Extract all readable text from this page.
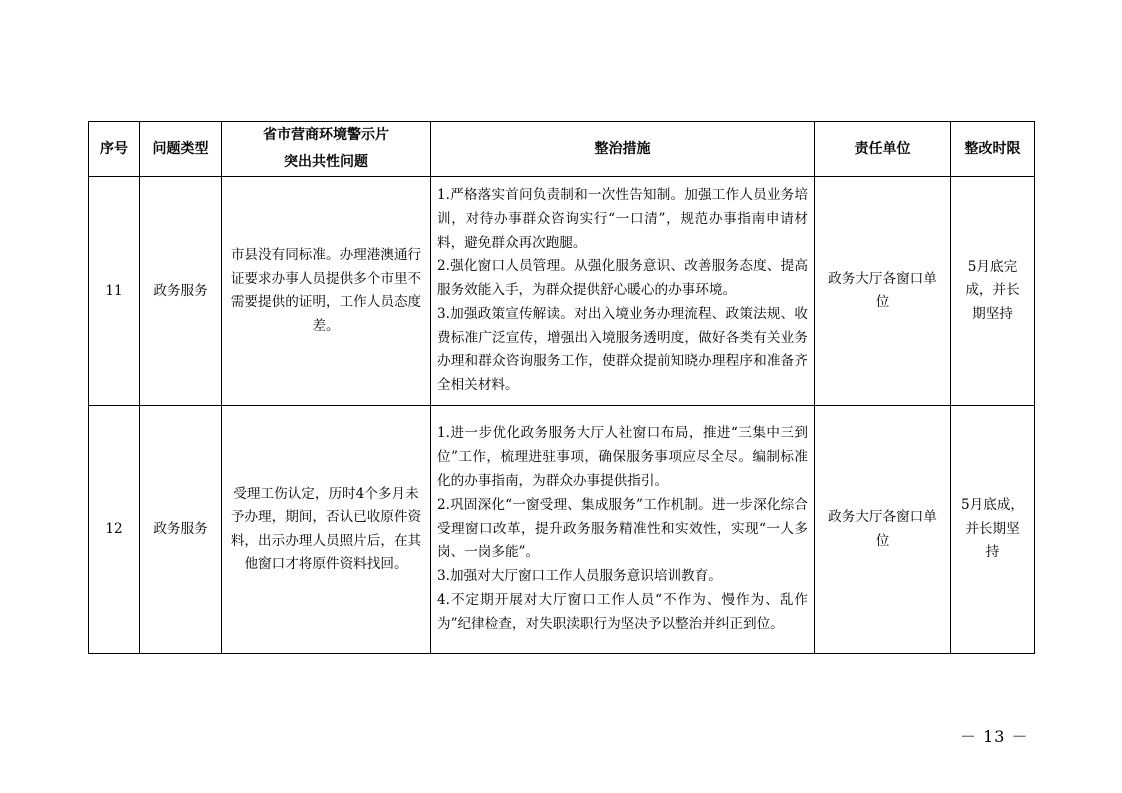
序号	问题类型	省市营商环境警示片
突出共性问题	整治措施	责任单位	整改时限
11	政务服务	市县没有同标准。办理港澳通行证要求办事人员提供多个市里不需要提供的证明，工作人员态度差。	1.严格落实首问负责制和一次性告知制。加强工作人员业务培训，对待办事群众咨询实行“一口清”，规范办事指南申请材料，避免群众再次跑腿。
2.强化窗口人员管理。从强化服务意识、改善服务态度、提高服务效能入手，为群众提供舒心暖心的办事环境。
3.加强政策宣传解读。对出入境业务办理流程、政策法规、收费标准广泛宣传，增强出入境服务透明度，做好各类有关业务办理和群众咨询服务工作，使群众提前知晓办理程序和准备齐全相关材料。	政务大厅各窗口单位	5月底完成，并长期坚持
12	政务服务	受理工伤认定，历时4个多月未予办理，期间，否认已收原件资料，出示办理人员照片后，在其他窗口才将原件资料找回。	1.进一步优化政务服务大厅人社窗口布局，推进“三集中三到位”工作，梳理进驻事项，确保服务事项应尽全尽。编制标准化的办事指南，为群众办事提供指引。
2.巩固深化“一窗受理、集成服务”工作机制。进一步深化综合受理窗口改革，提升政务服务精准性和实效性，实现“一人多岗、一岗多能”。
3.加强对大厅窗口工作人员服务意识培训教育。
4.不定期开展对大厅窗口工作人员“不作为、慢作为、乱作为”纪律检查，对失职渎职行为坚决予以整治并纠正到位。	政务大厅各窗口单位	5月底成，并长期坚持
－ 13 －
